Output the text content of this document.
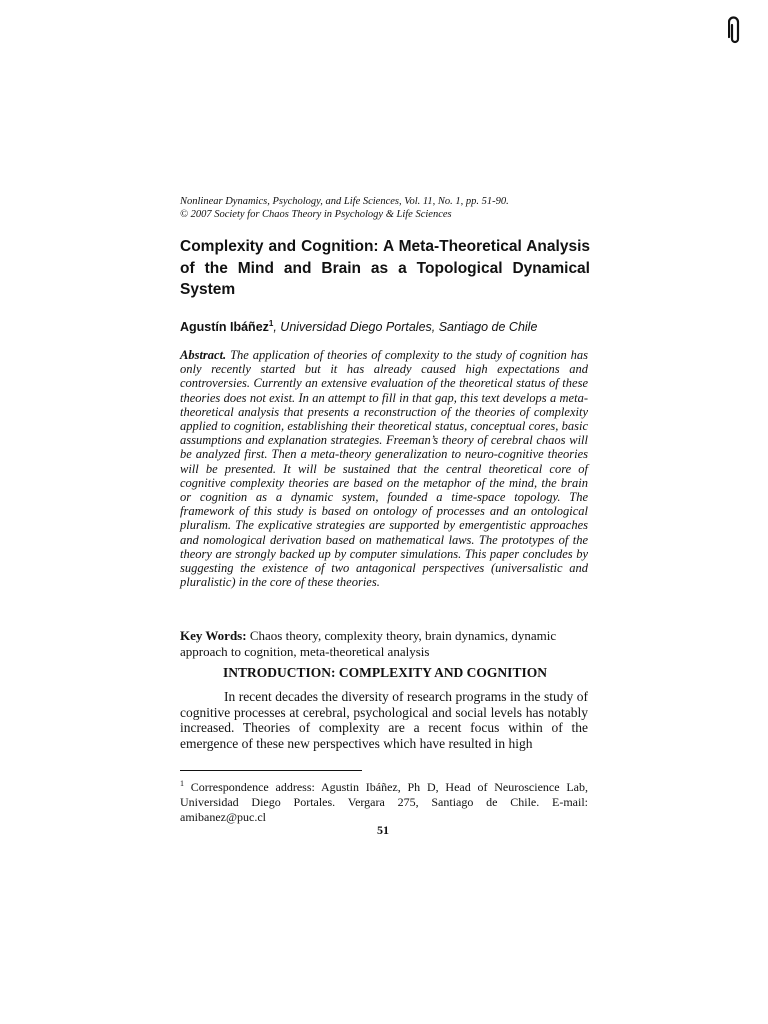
Nonlinear Dynamics, Psychology, and Life Sciences, Vol. 11, No. 1, pp. 51-90.
© 2007 Society for Chaos Theory in Psychology & Life Sciences
Complexity and Cognition: A Meta-Theoretical Analysis of the Mind and Brain as a Topological Dynamical System
Agustín Ibáñez$^1$, Universidad Diego Portales, Santiago de Chile
Abstract. The application of theories of complexity to the study of cognition has only recently started but it has already caused high expectations and controversies. Currently an extensive evaluation of the theoretical status of these theories does not exist. In an attempt to fill in that gap, this text develops a meta-theoretical analysis that presents a reconstruction of the theories of complexity applied to cognition, establishing their theoretical status, conceptual cores, basic assumptions and explanation strategies. Freeman’s theory of cerebral chaos will be analyzed first. Then a meta-theory generalization to neuro-cognitive theories will be presented. It will be sustained that the central theoretical core of cognitive complexity theories are based on the metaphor of the mind, the brain or cognition as a dynamic system, founded a time-space topology. The framework of this study is based on ontology of processes and an ontological pluralism. The explicative strategies are supported by emergentistic approaches and nomological derivation based on mathematical laws. The prototypes of the theory are strongly backed up by computer simulations. This paper concludes by suggesting the existence of two antagonical perspectives (universalistic and pluralistic) in the core of these theories.
Key Words: Chaos theory, complexity theory, brain dynamics, dynamic approach to cognition, meta-theoretical analysis
INTRODUCTION: COMPLEXITY AND COGNITION
In recent decades the diversity of research programs in the study of cognitive processes at cerebral, psychological and social levels has notably increased. Theories of complexity are a recent focus within of the emergence of these new perspectives which have resulted in high
$^1$ Correspondence address: Agustin Ibáñez, Ph D, Head of Neuroscience Lab, Universidad Diego Portales. Vergara 275, Santiago de Chile. E-mail: amibanez@puc.cl
51
